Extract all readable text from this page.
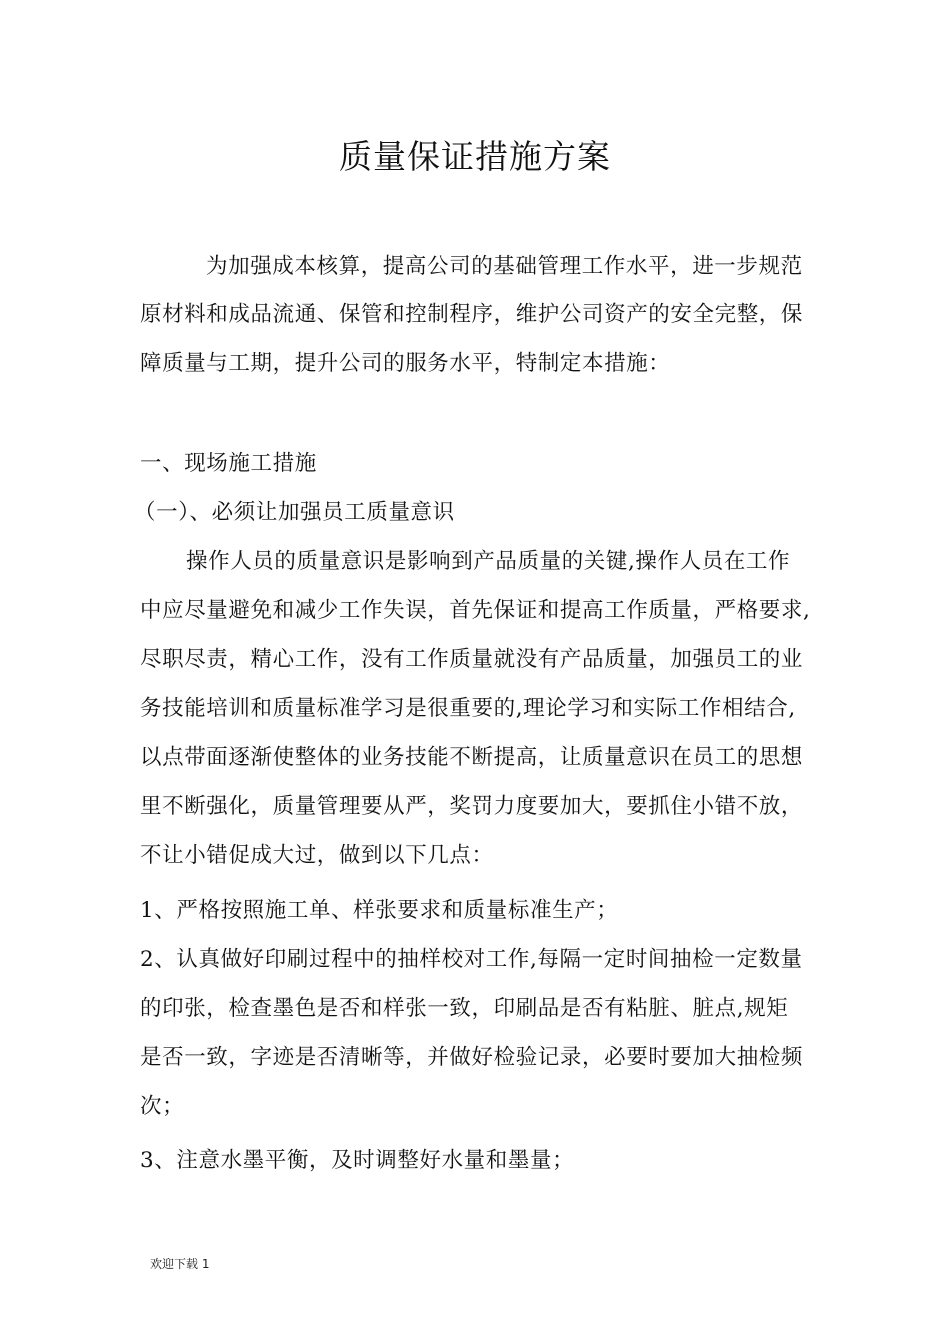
质量保证措施方案
为加强成本核算，提高公司的基础管理工作水平，进一步规范
原材料和成品流通、保管和控制程序，维护公司资产的安全完整，保
障质量与工期，提升公司的服务水平，特制定本措施：
一、现场施工措施
（一）、必须让加强员工质量意识
操作人员的质量意识是影响到产品质量的关键,操作人员在工作
中应尽量避免和减少工作失误，首先保证和提高工作质量，严格要求,
尽职尽责，精心工作，没有工作质量就没有产品质量，加强员工的业
务技能培训和质量标准学习是很重要的,理论学习和实际工作相结合,
以点带面逐渐使整体的业务技能不断提高，让质量意识在员工的思想
里不断强化，质量管理要从严，奖罚力度要加大，要抓住小错不放，
不让小错促成大过，做到以下几点：
1、严格按照施工单、样张要求和质量标准生产；
2、认真做好印刷过程中的抽样校对工作,每隔一定时间抽检一定数量
的印张，检查墨色是否和样张一致，印刷品是否有粘脏、脏点,规矩
是否一致，字迹是否清晰等，并做好检验记录，必要时要加大抽检频
次；
3、注意水墨平衡，及时调整好水量和墨量；
欢迎下载 1
